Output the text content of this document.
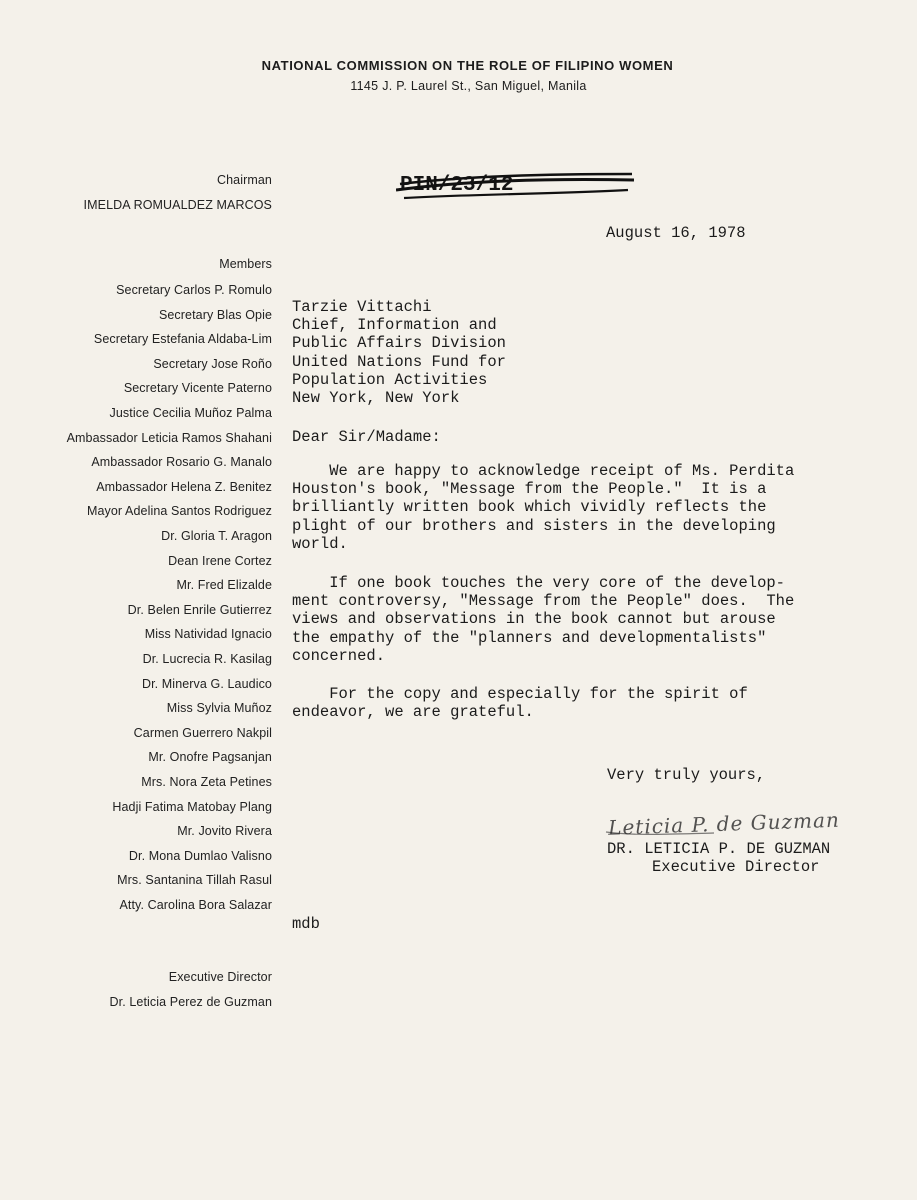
NATIONAL COMMISSION ON THE ROLE OF FILIPINO WOMEN
1145 J. P. Laurel St., San Miguel, Manila
Chairman
IMELDA ROMUALDEZ MARCOS
Members
Secretary Carlos P. Romulo
Secretary Blas Opie
Secretary Estefania Aldaba-Lim
Secretary Jose Roño
Secretary Vicente Paterno
Justice Cecilia Muñoz Palma
Ambassador Leticia Ramos Shahani
Ambassador Rosario G. Manalo
Ambassador Helena Z. Benitez
Mayor Adelina Santos Rodriguez
Dr. Gloria T. Aragon
Dean Irene Cortez
Mr. Fred Elizalde
Dr. Belen Enrile Gutierrez
Miss Natividad Ignacio
Dr. Lucrecia R. Kasilag
Dr. Minerva G. Laudico
Miss Sylvia Muñoz
Carmen Guerrero Nakpil
Mr. Onofre Pagsanjan
Mrs. Nora Zeta Petines
Hadji Fatima Matobay Plang
Mr. Jovito Rivera
Dr. Mona Dumlao Valisno
Mrs. Santanina Tillah Rasul
Atty. Carolina Bora Salazar
Executive Director
Dr. Leticia Perez de Guzman
PIN/23/12
August 16, 1978
Tarzie Vittachi
Chief, Information and
Public Affairs Division
United Nations Fund for
Population Activities
New York, New York
Dear Sir/Madame:
We are happy to acknowledge receipt of Ms. Perdita
Houston's book, "Message from the People."  It is a
brilliantly written book which vividly reflects the
plight of our brothers and sisters in the developing
world.
If one book touches the very core of the develop-
ment controversy, "Message from the People" does.  The
views and observations in the book cannot but arouse
the empathy of the "planners and developmentalists"
concerned.
For the copy and especially for the spirit of
endeavor, we are grateful.
Very truly yours,
Leticia P. de Guzman
DR. LETICIA P. DE GUZMAN
Executive Director
mdb
